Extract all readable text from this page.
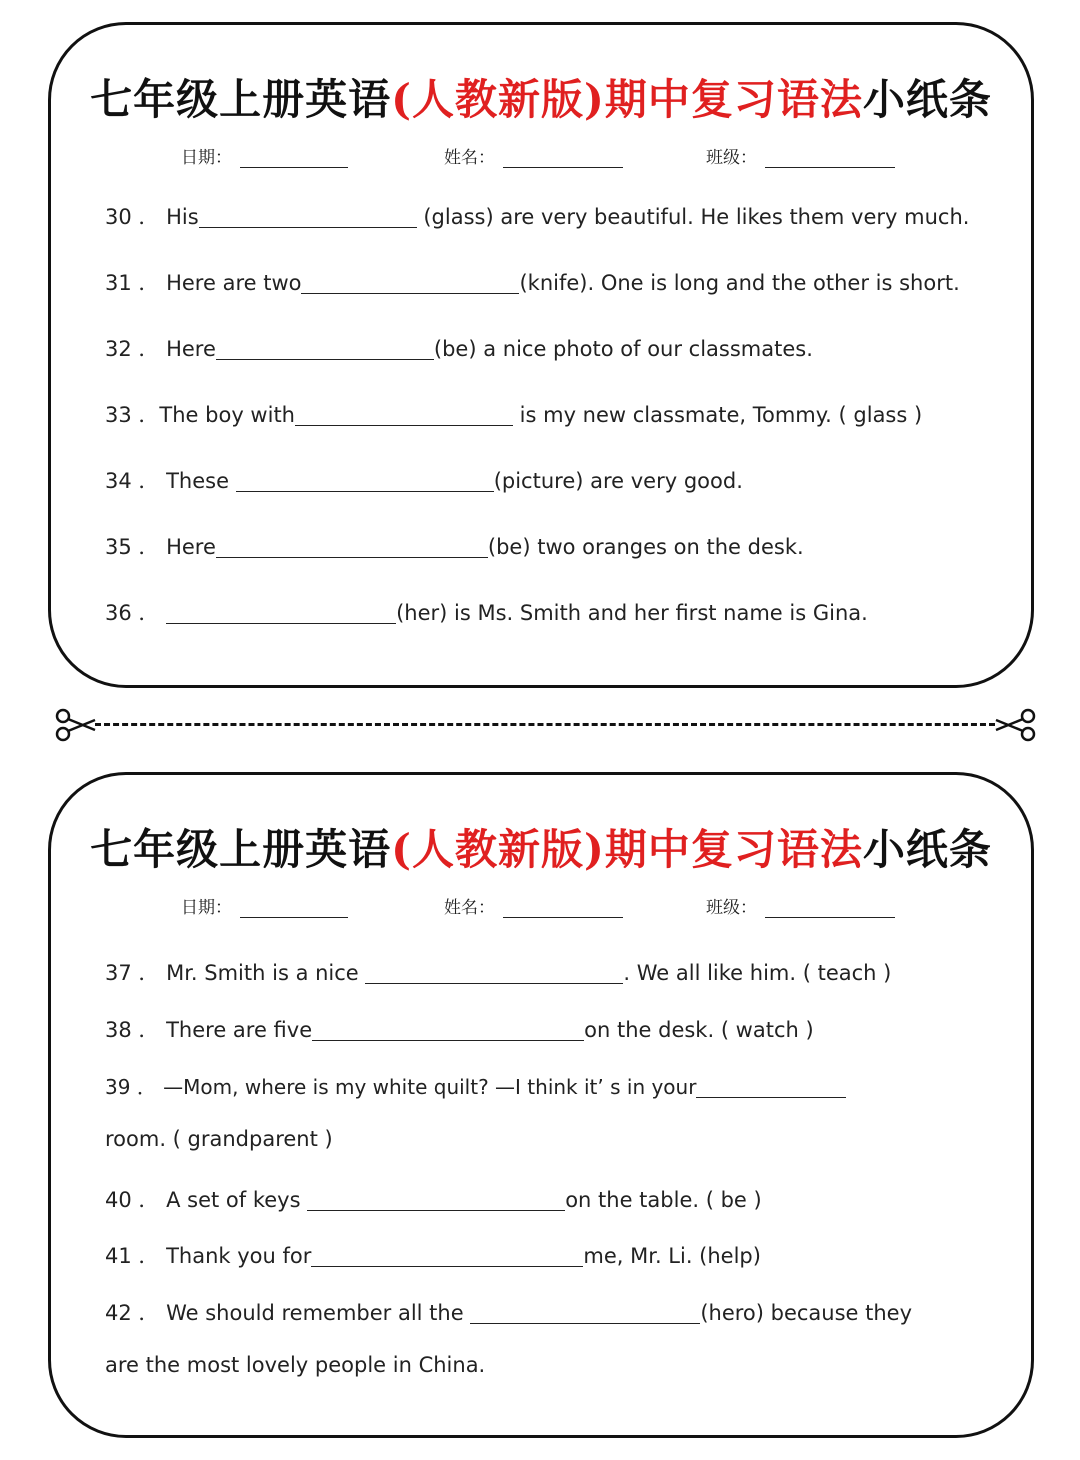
七年级上册英语(人教新版)期中复习语法小纸条
日期：	姓名：	班级：
30 ． His	(glass) are very beautiful. He likes them very much.
31 ． Here are two	(knife). One is long and the other is short.
32 ． Here	(be) a nice photo of our classmates.
33 ．The boy with	is my new classmate, Tommy. ( glass )
34 ． These	(picture) are very good.
35 ． Here	(be) two oranges on the desk.
36 ．	(her) is Ms. Smith and her first name is Gina.
七年级上册英语(人教新版)期中复习语法小纸条
日期：	姓名：	班级：
37 ． Mr. Smith is a nice	. We all like him. ( teach )
38 ． There are five	on the desk. ( watch )
39 ． —Mom, where is my white quilt? —I think it’ s in your
room. ( grandparent )
40 ． A set of keys	on the table. ( be )
41 ． Thank you for	me, Mr. Li. (help)
42 ． We should remember all the	(hero) because they
are the most lovely people in China.
